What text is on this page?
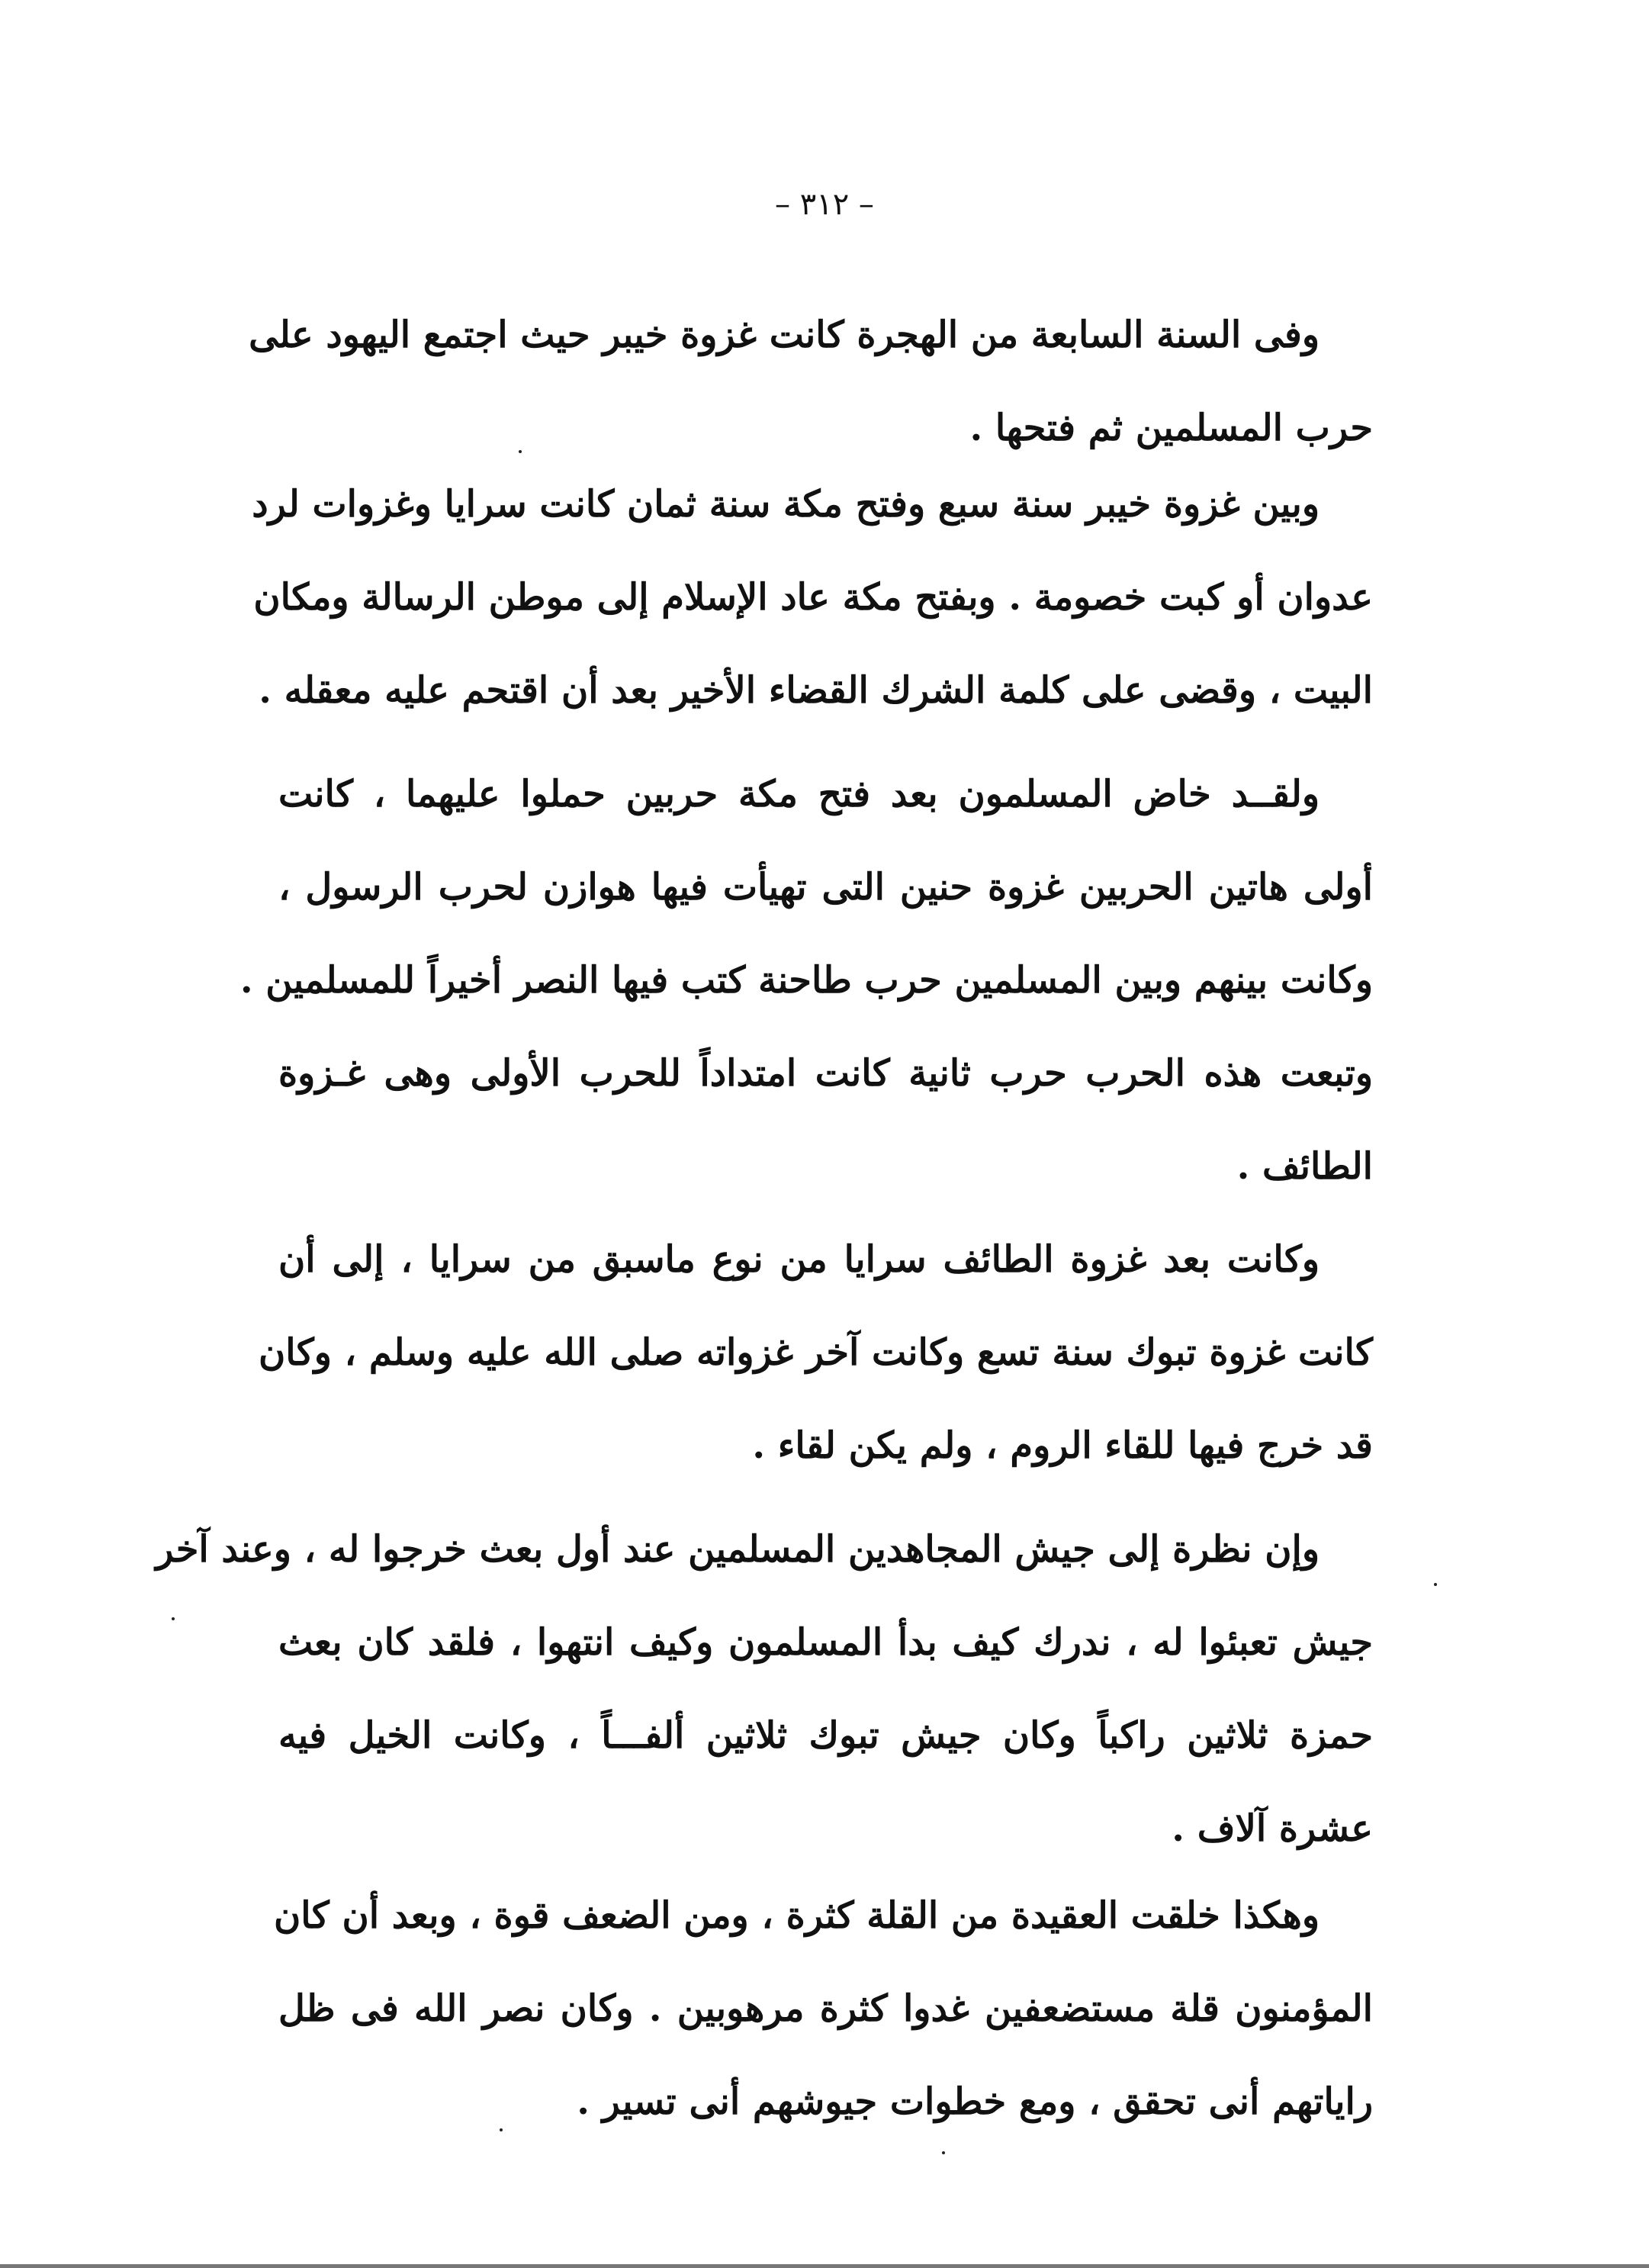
– ٣١٢ –
وفى السنة السابعة من الهجرة كانت غزوة خيبر حيث اجتمع اليهود على
حرب المسلمين ثم فتحها .
وبين غزوة خيبر سنة سبع وفتح مكة سنة ثمان كانت سرايا وغزوات لرد
عدوان أو كبت خصومة . وبفتح مكة عاد الإسلام إلى موطن الرسالة ومكان
البيت ، وقضى على كلمة الشرك القضاء الأخير بعد أن اقتحم عليه معقله .
ولقــد خاض المسلمون بعد فتح مكة حربين حملوا عليهما ، كانت
أولى هاتين الحربين غزوة حنين التى تهيأت فيها هوازن لحرب الرسول ،
وكانت بينهم وبين المسلمين حرب طاحنة كتب فيها النصر أخيراً للمسلمين .
وتبعت هذه الحرب حرب ثانية كانت امتداداً للحرب الأولى وهى غـزوة
الطائف .
وكانت بعد غزوة الطائف سرايا من نوع ماسبق من سرايا ، إلى أن
كانت غزوة تبوك سنة تسع وكانت آخر غزواته صلى الله عليه وسلم ، وكان
قد خرج فيها للقاء الروم ، ولم يكن لقاء .
وإن نظرة إلى جيش المجاهدين المسلمين عند أول بعث خرجوا له ، وعند آخر
جيش تعبئوا له ، ندرك كيف بدأ المسلمون وكيف انتهوا ، فلقد كان بعث
حمزة ثلاثين راكباً وكان جيش تبوك ثلاثين ألفـــاً ، وكانت الخيل فيه
عشرة آلاف .
وهكذا خلقت العقيدة من القلة كثرة ، ومن الضعف قوة ، وبعد أن كان
المؤمنون قلة مستضعفين غدوا كثرة مرهوبين . وكان نصر الله فى ظل
راياتهم أنى تحقق ، ومع خطوات جيوشهم أنى تسير .
